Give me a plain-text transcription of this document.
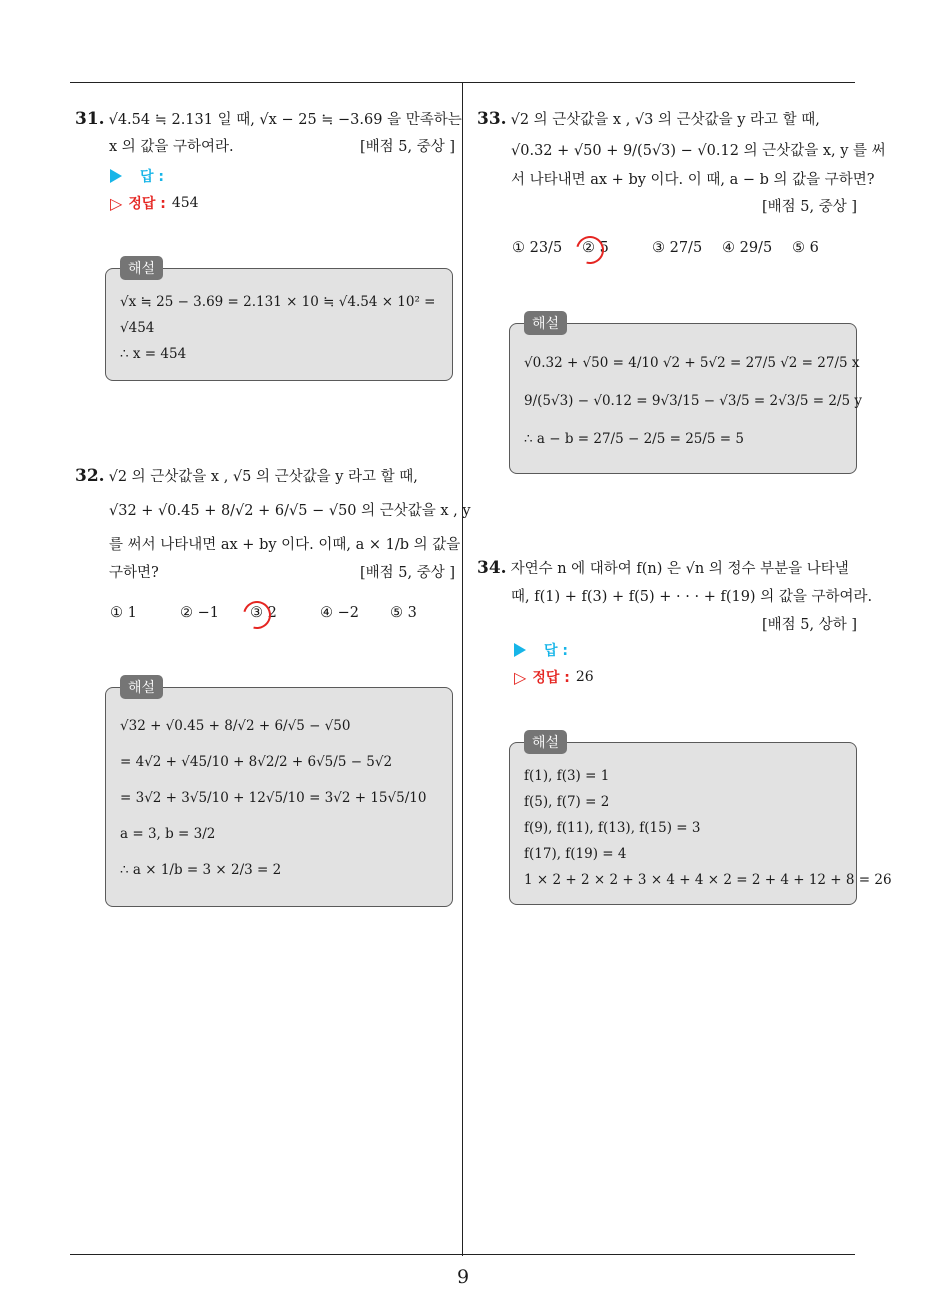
9
31. √4.54 ≒ 2.131 일 때, √x − 25 ≒ −3.69 을 만족하는
x 의 값을 구하여라.	[배점 5, 중상 ]
답 :
▷ 정답 : 454
해설
√x ≒ 25 − 3.69 = 2.131 × 10 ≒ √4.54 × 10² =
√454
∴ x = 454
32. √2 의 근삿값을 x , √5 의 근삿값을 y 라고 할 때,
√32 + √0.45 + 8/√2 + 6/√5 − √50 의 근삿값을 x , y
를 써서 나타내면 ax + by 이다. 이때, a × 1/b 의 값을
구하면?	[배점 5, 중상 ]
① 1	② −1 ③ 2	④ −2 ⑤ 3
해설
√32 + √0.45 + 8/√2 + 6/√5 − √50
= 4√2 + √45/10 + 8√2/2 + 6√5/5 − 5√2
= 3√2 + 3√5/10 + 12√5/10 = 3√2 + 15√5/10
a = 3, b = 3/2
∴ a × 1/b = 3 × 2/3 = 2
33. √2 의 근삿값을 x , √3 의 근삿값을 y 라고 할 때,
√0.32 + √50 + 9/(5√3) − √0.12 의 근삿값을 x, y 를 써
서 나타내면 ax + by 이다. 이 때, a − b 의 값을 구하면?
[배점 5, 중상 ]
① 23/5 ② 5	③ 27/5 ④ 29/5 ⑤ 6
해설
√0.32 + √50 = 4/10 √2 + 5√2 = 27/5 √2 = 27/5 x
9/(5√3) − √0.12 = 9√3/15 − √3/5 = 2√3/5 = 2/5 y
∴ a − b = 27/5 − 2/5 = 25/5 = 5
34. 자연수 n 에 대하여 f(n) 은 √n 의 정수 부분을 나타낼
때, f(1) + f(3) + f(5) + · · · + f(19) 의 값을 구하여라.
[배점 5, 상하 ]
답 :
▷ 정답 : 26
해설
f(1), f(3) = 1
f(5), f(7) = 2
f(9), f(11), f(13), f(15) = 3
f(17), f(19) = 4
1 × 2 + 2 × 2 + 3 × 4 + 4 × 2 = 2 + 4 + 12 + 8 = 26
